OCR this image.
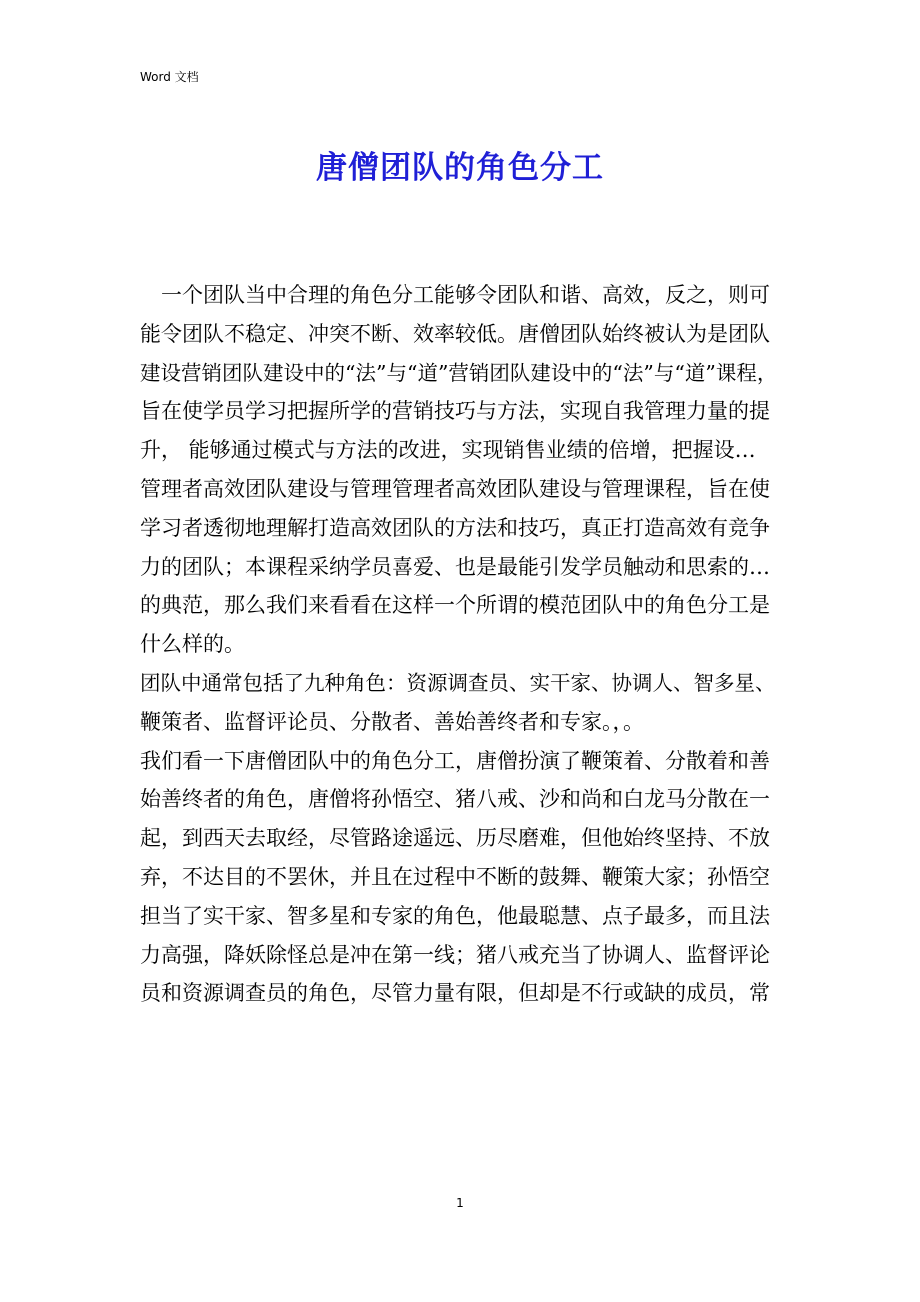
Word 文档
唐僧团队的角色分工
一个团队当中合理的角色分工能够令团队和谐、高效，反之，则可
能令团队不稳定、冲突不断、效率较低。唐僧团队始终被认为是团队
建设营销团队建设中的“法”与“道”营销团队建设中的“法”与“道”课程，
旨在使学员学习把握所学的营销技巧与方法，实现自我管理力量的提
升， 能够通过模式与方法的改进，实现销售业绩的倍增，把握设…
管理者高效团队建设与管理管理者高效团队建设与管理课程，旨在使
学习者透彻地理解打造高效团队的方法和技巧，真正打造高效有竞争
力的团队；本课程采纳学员喜爱、也是最能引发学员触动和思索的…
的典范，那么我们来看看在这样一个所谓的模范团队中的角色分工是
什么样的。
团队中通常包括了九种角色：资源调查员、实干家、协调人、智多星、
鞭策者、监督评论员、分散者、善始善终者和专家。，。
我们看一下唐僧团队中的角色分工，唐僧扮演了鞭策着、分散着和善
始善终者的角色，唐僧将孙悟空、猪八戒、沙和尚和白龙马分散在一
起，到西天去取经，尽管路途遥远、历尽磨难，但他始终坚持、不放
弃，不达目的不罢休，并且在过程中不断的鼓舞、鞭策大家；孙悟空
担当了实干家、智多星和专家的角色，他最聪慧、点子最多，而且法
力高强，降妖除怪总是冲在第一线；猪八戒充当了协调人、监督评论
员和资源调查员的角色，尽管力量有限，但却是不行或缺的成员，常
1
